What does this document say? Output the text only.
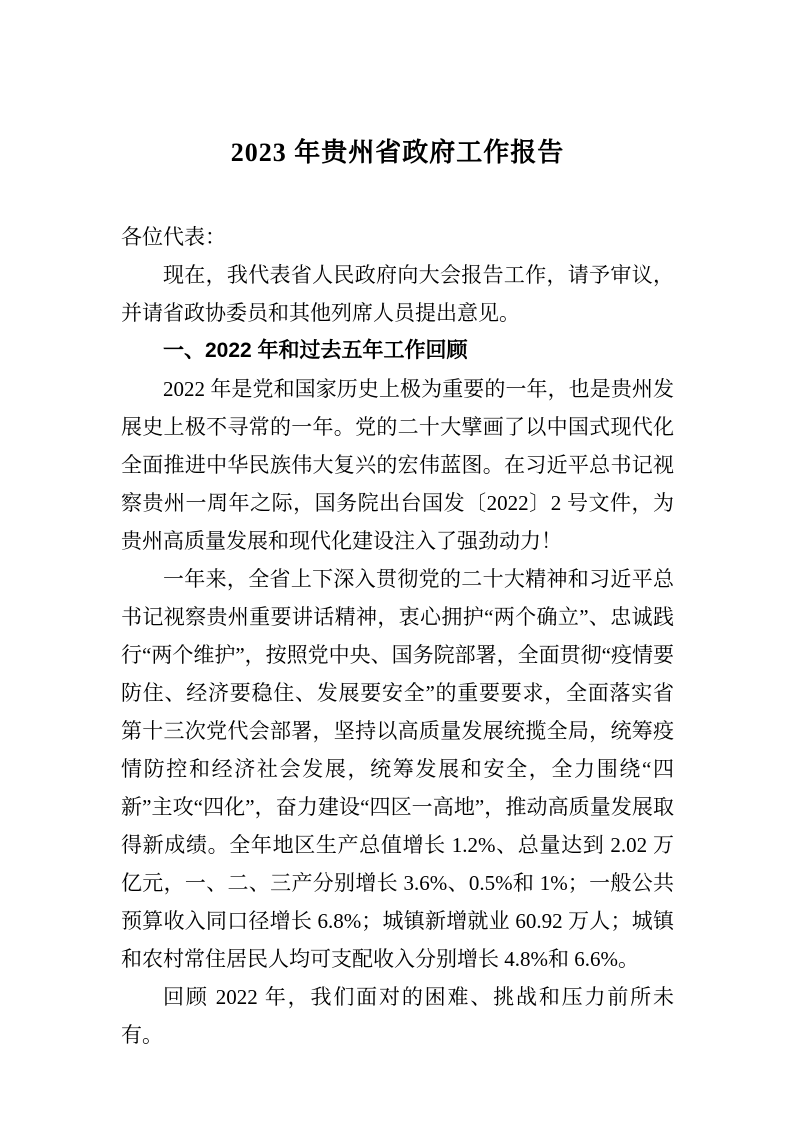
2023 年贵州省政府工作报告

各位代表：

现在，我代表省人民政府向大会报告工作，请予审议，并请省政协委员和其他列席人员提出意见。

一、2022 年和过去五年工作回顾

2022 年是党和国家历史上极为重要的一年，也是贵州发展史上极不寻常的一年。党的二十大擘画了以中国式现代化全面推进中华民族伟大复兴的宏伟蓝图。在习近平总书记视察贵州一周年之际，国务院出台国发〔2022〕2 号文件，为贵州高质量发展和现代化建设注入了强劲动力！

一年来，全省上下深入贯彻党的二十大精神和习近平总书记视察贵州重要讲话精神，衷心拥护“两个确立”、忠诚践行“两个维护”，按照党中央、国务院部署，全面贯彻“疫情要防住、经济要稳住、发展要安全”的重要要求，全面落实省第十三次党代会部署，坚持以高质量发展统揽全局，统筹疫情防控和经济社会发展，统筹发展和安全，全力围绕“四新”主攻“四化”，奋力建设“四区一高地”，推动高质量发展取得新成绩。全年地区生产总值增长 1.2%、总量达到 2.02 万亿元，一、二、三产分别增长 3.6%、0.5%和 1%；一般公共预算收入同口径增长 6.8%；城镇新增就业 60.92 万人；城镇和农村常住居民人均可支配收入分别增长 4.8%和 6.6%。

回顾 2022 年，我们面对的困难、挑战和压力前所未有。
